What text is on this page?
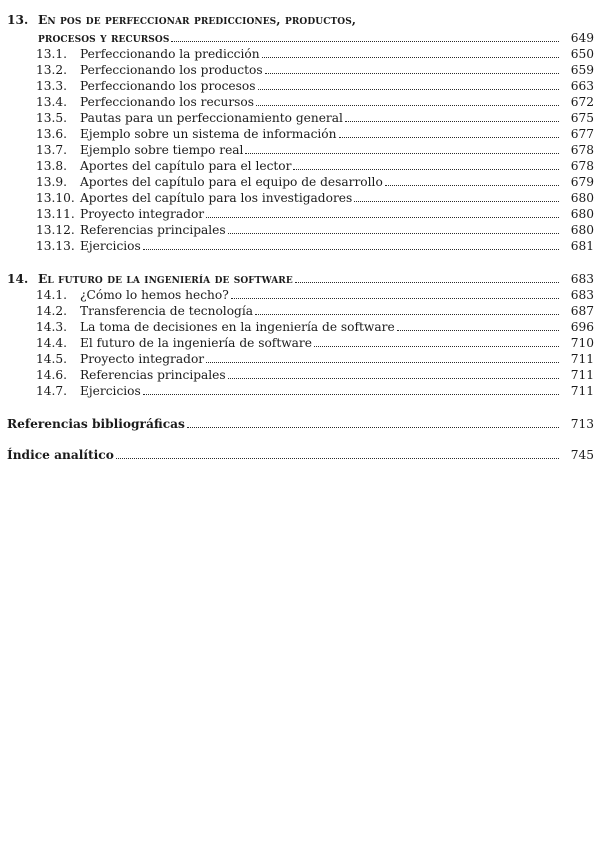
13. En pos de perfeccionar predicciones, productos,
procesos y recursos	649
13.1.	Perfeccionando la predicción	650
13.2.	Perfeccionando los productos	659
13.3.	Perfeccionando los procesos	663
13.4.	Perfeccionando los recursos	672
13.5.	Pautas para un perfeccionamiento general	675
13.6.	Ejemplo sobre un sistema de información	677
13.7.	Ejemplo sobre tiempo real	678
13.8.	Aportes del capítulo para el lector	678
13.9.	Aportes del capítulo para el equipo de desarrollo	679
13.10. Aportes del capítulo para los investigadores	680
13.11. Proyecto integrador	680
13.12. Referencias principales	680
13.13. Ejercicios	681
14. El futuro de la ingeniería de software	683
14.1.	¿Cómo lo hemos hecho?	683
14.2.	Transferencia de tecnología	687
14.3.	La toma de decisiones en la ingeniería de software	696
14.4.	El futuro de la ingeniería de software	710
14.5.	Proyecto integrador	711
14.6.	Referencias principales	711
14.7.	Ejercicios	711
Referencias bibliográficas	713
Índice analítico	745
